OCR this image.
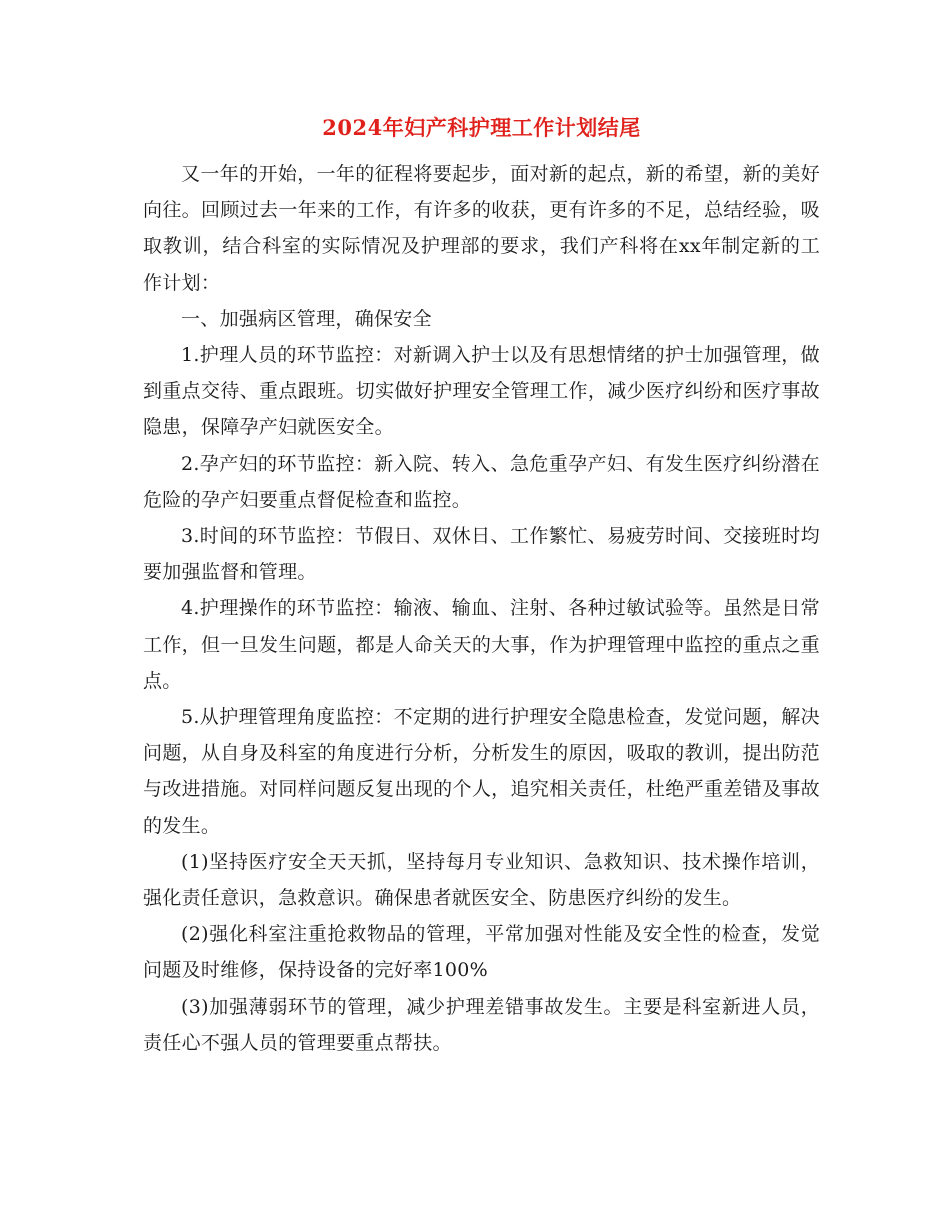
2024年妇产科护理工作计划结尾

又一年的开始，一年的征程将要起步，面对新的起点，新的希望，新的美好向往。回顾过去一年来的工作，有许多的收获，更有许多的不足，总结经验，吸取教训，结合科室的实际情况及护理部的要求，我们产科将在xx年制定新的工作计划：

一、加强病区管理，确保安全

1.护理人员的环节监控：对新调入护士以及有思想情绪的护士加强管理，做到重点交待、重点跟班。切实做好护理安全管理工作，减少医疗纠纷和医疗事故隐患，保障孕产妇就医安全。

2.孕产妇的环节监控：新入院、转入、急危重孕产妇、有发生医疗纠纷潜在危险的孕产妇要重点督促检查和监控。

3.时间的环节监控：节假日、双休日、工作繁忙、易疲劳时间、交接班时均要加强监督和管理。

4.护理操作的环节监控：输液、输血、注射、各种过敏试验等。虽然是日常工作，但一旦发生问题，都是人命关天的大事，作为护理管理中监控的重点之重点。

5.从护理管理角度监控：不定期的进行护理安全隐患检查，发觉问题，解决问题，从自身及科室的角度进行分析，分析发生的原因，吸取的教训，提出防范与改进措施。对同样问题反复出现的个人，追究相关责任，杜绝严重差错及事故的发生。

(1)坚持医疗安全天天抓，坚持每月专业知识、急救知识、技术操作培训，强化责任意识，急救意识。确保患者就医安全、防患医疗纠纷的发生。

(2)强化科室注重抢救物品的管理，平常加强对性能及安全性的检查，发觉问题及时维修，保持设备的完好率100%

(3)加强薄弱环节的管理，减少护理差错事故发生。主要是科室新进人员，责任心不强人员的管理要重点帮扶。
